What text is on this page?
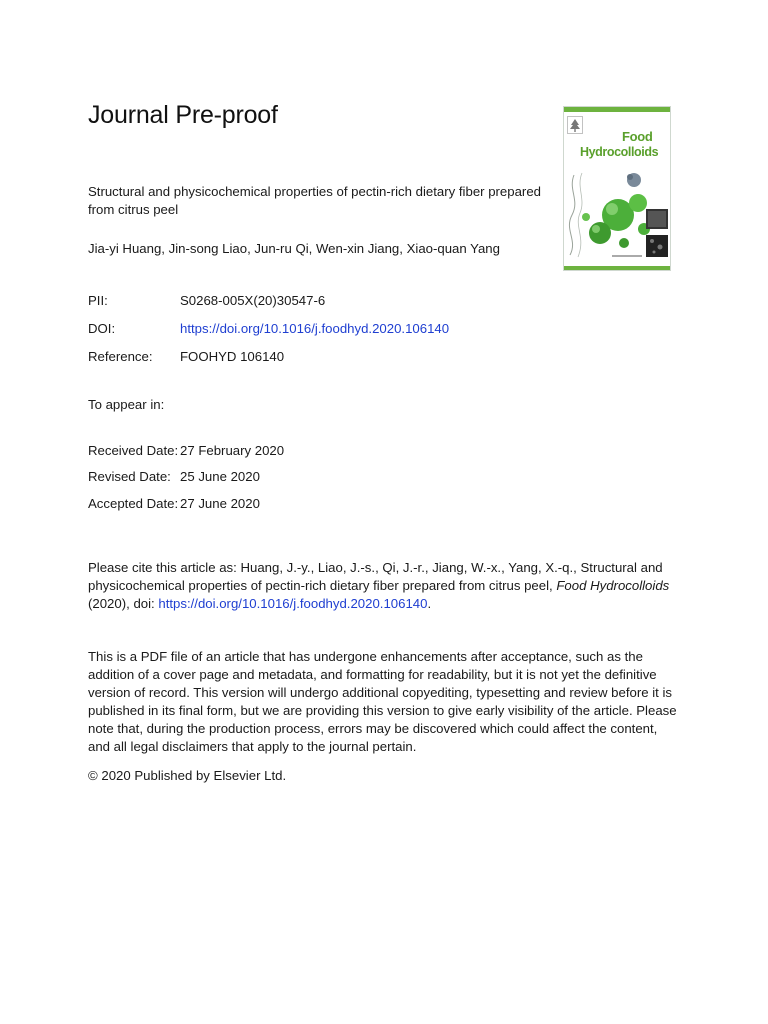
Journal Pre-proof
Structural and physicochemical properties of pectin-rich dietary fiber prepared from citrus peel
Jia-yi Huang, Jin-song Liao, Jun-ru Qi, Wen-xin Jiang, Xiao-quan Yang
PII:	S0268-005X(20)30547-6
DOI:	https://doi.org/10.1016/j.foodhyd.2020.106140
Reference: FOOHYD 106140
To appear in:
Received Date: 27 February 2020
Revised Date: 25 June 2020
Accepted Date: 27 June 2020
Please cite this article as: Huang, J.-y., Liao, J.-s., Qi, J.-r., Jiang, W.-x., Yang, X.-q., Structural and physicochemical properties of pectin-rich dietary fiber prepared from citrus peel, Food Hydrocolloids (2020), doi: https://doi.org/10.1016/j.foodhyd.2020.106140.
This is a PDF file of an article that has undergone enhancements after acceptance, such as the addition of a cover page and metadata, and formatting for readability, but it is not yet the definitive version of record. This version will undergo additional copyediting, typesetting and review before it is published in its final form, but we are providing this version to give early visibility of the article. Please note that, during the production process, errors may be discovered which could affect the content, and all legal disclaimers that apply to the journal pertain.
© 2020 Published by Elsevier Ltd.
Food
Hydrocolloids
